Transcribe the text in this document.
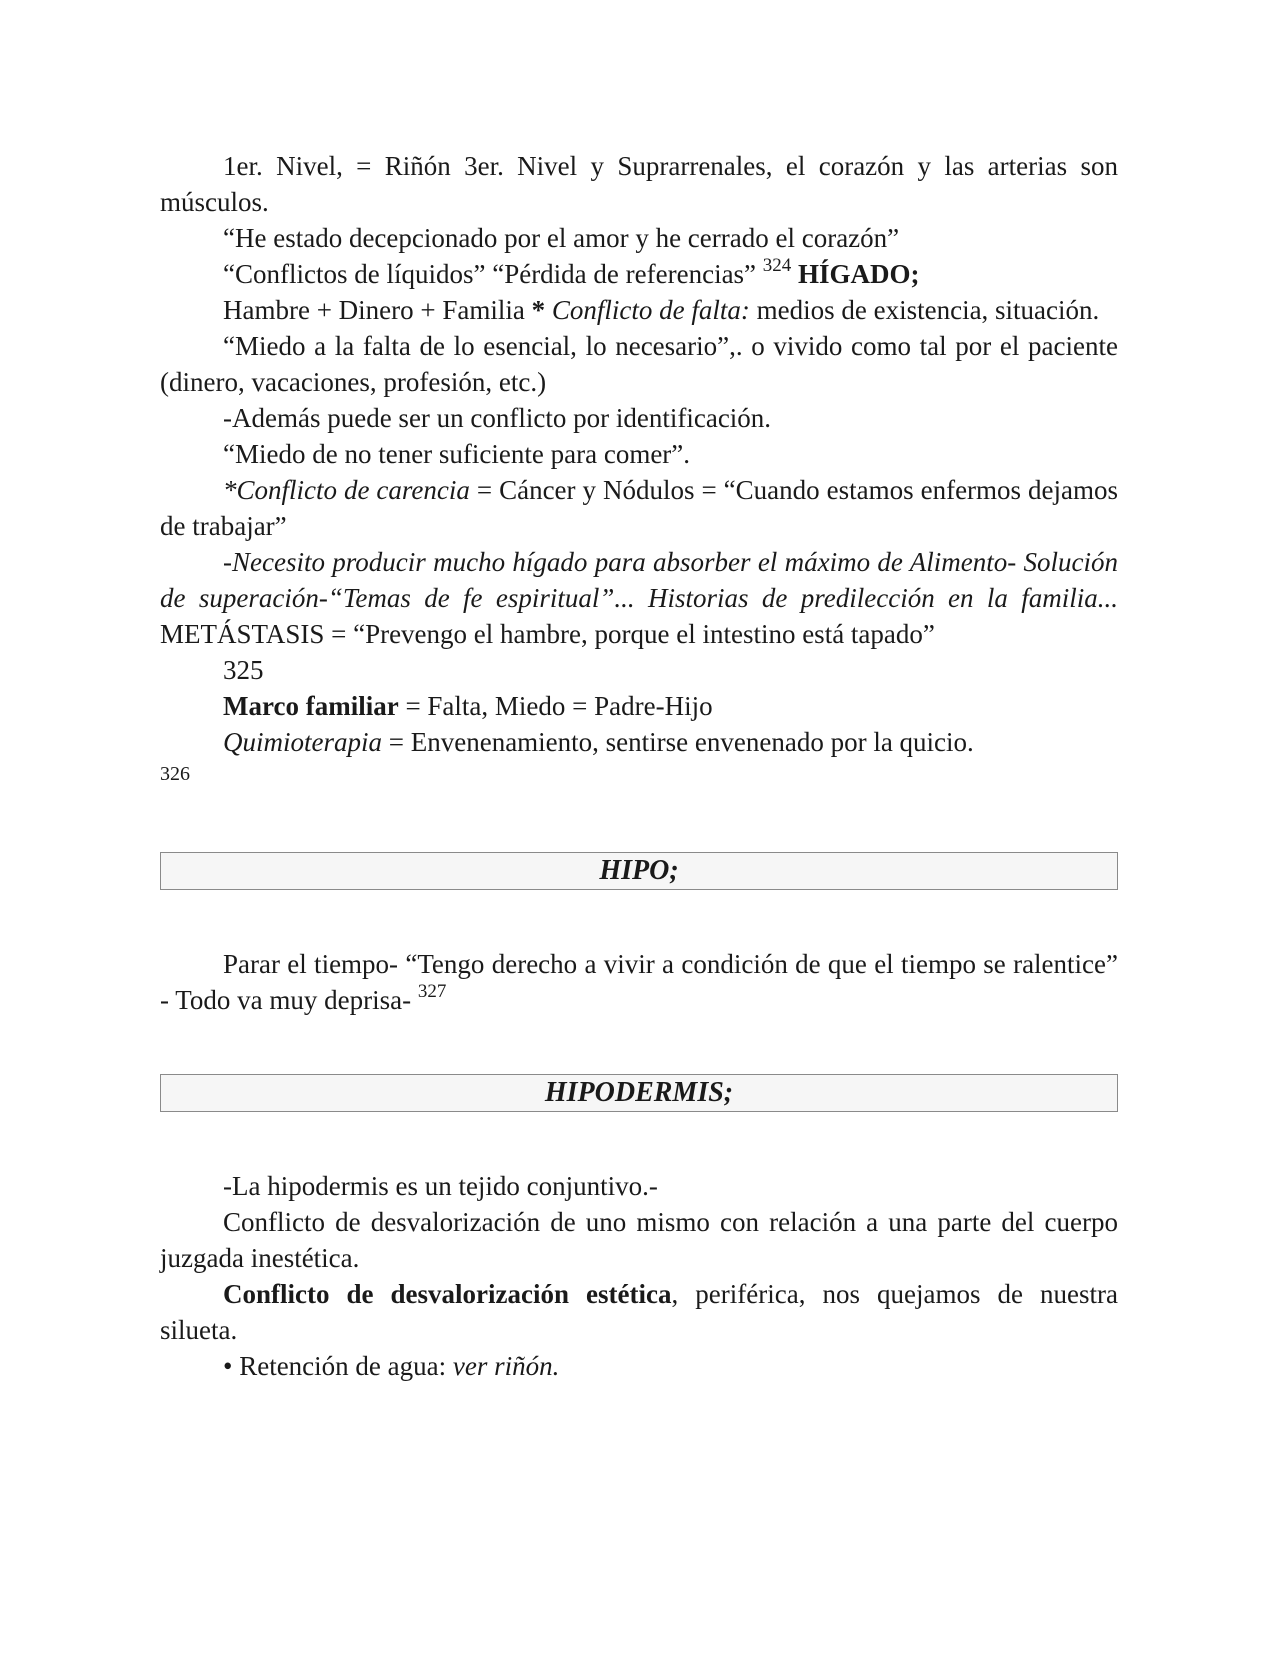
1er. Nivel, = Riñón 3er. Nivel y Suprarrenales, el corazón y las arterias son músculos.

“He estado decepcionado por el amor y he cerrado el corazón”

“Conflictos de líquidos” “Pérdida de referencias” $^{324}$ HÍGADO;

Hambre + Dinero + Familia * Conflicto de falta: medios de existencia, situación.

“Miedo a la falta de lo esencial, lo necesario”,. o vivido como tal por el paciente (dinero, vacaciones, profesión, etc.)

-Además puede ser un conflicto por identificación.

“Miedo de no tener suficiente para comer”.

*Conflicto de carencia = Cáncer y Nódulos = “Cuando estamos enfermos dejamos de trabajar”

-Necesito producir mucho hígado para absorber el máximo de Alimento- Solución de superación-“Temas de fe espiritual”... Historias de predilección en la familia... METÁSTASIS = “Prevengo el hambre, porque el intestino está tapado”

325

Marco familiar = Falta, Miedo = Padre-Hijo

Quimioterapia = Envenenamiento, sentirse envenenado por la quicio.

326

HIPO;

Parar el tiempo- “Tengo derecho a vivir a condición de que el tiempo se ralentice” - Todo va muy deprisa- $^{327}$

HIPODERMIS;

-La hipodermis es un tejido conjuntivo.-

Conflicto de desvalorización de uno mismo con relación a una parte del cuerpo juzgada inestética.

Conflicto de desvalorización estética, periférica, nos quejamos de nuestra silueta.

• Retención de agua: ver riñón.
